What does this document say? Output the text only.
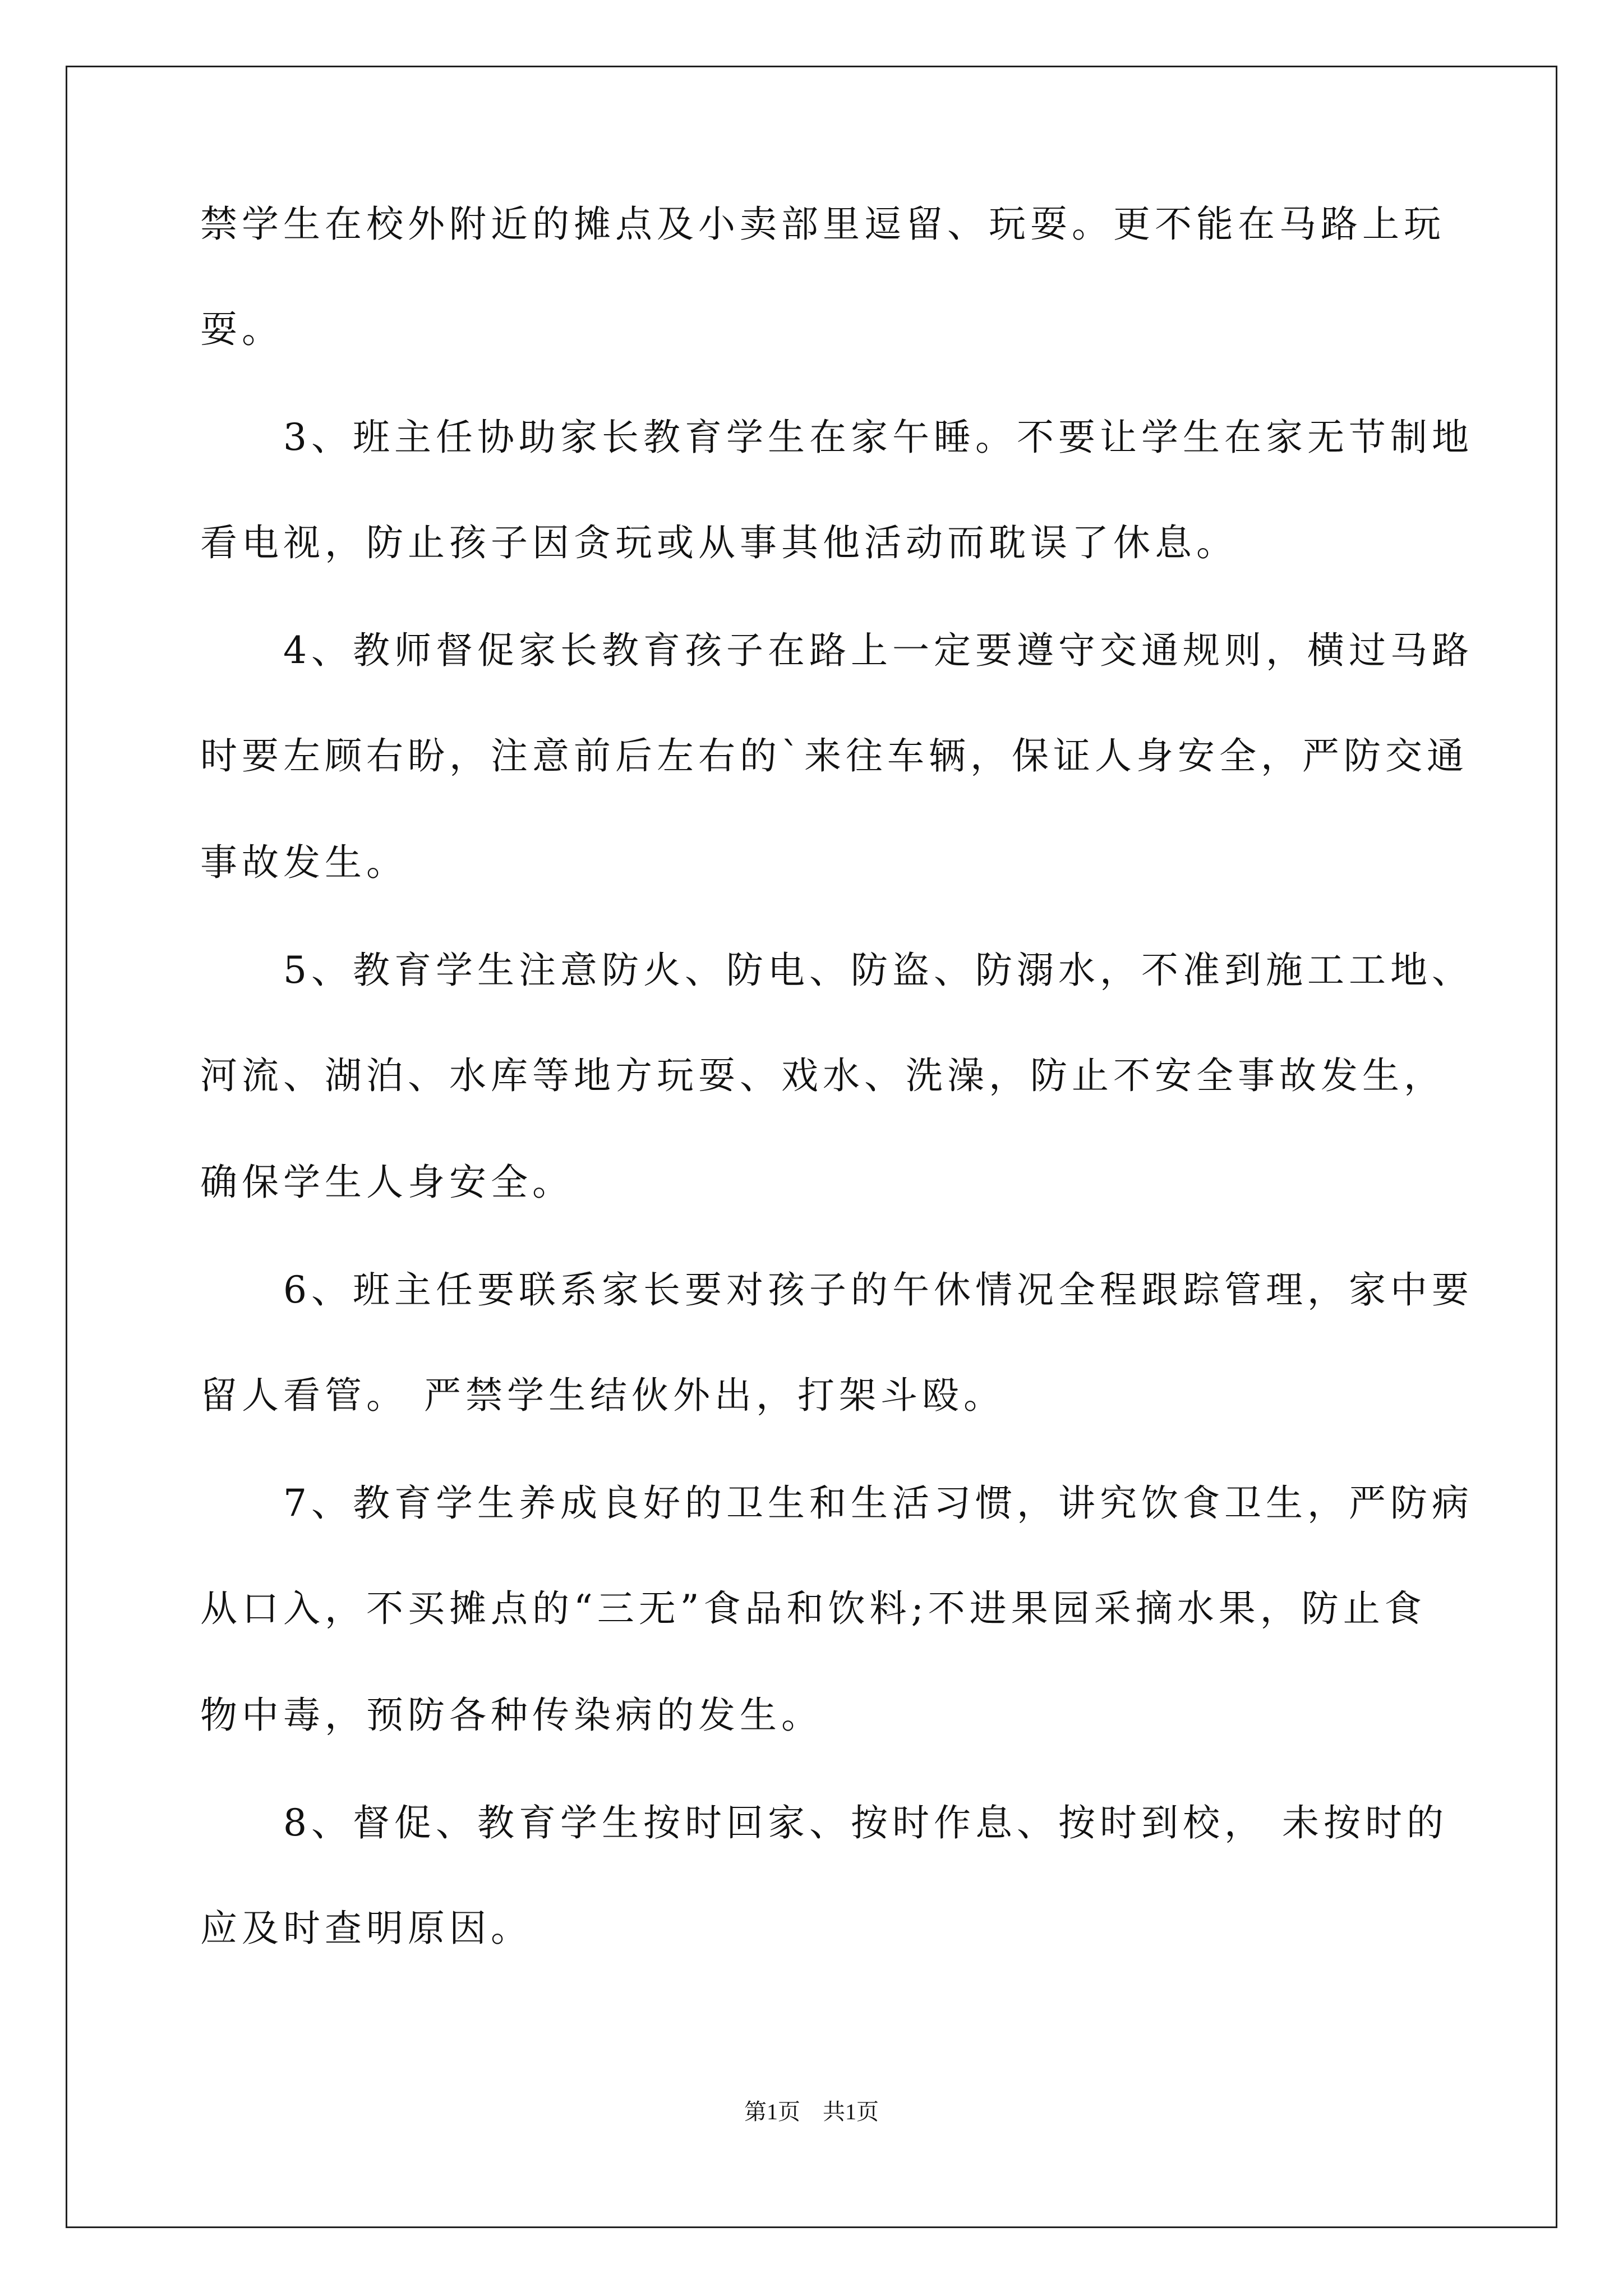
禁学生在校外附近的摊点及小卖部里逗留、玩耍。更不能在马路上玩
耍。
　　3、班主任协助家长教育学生在家午睡。不要让学生在家无节制地
看电视，防止孩子因贪玩或从事其他活动而耽误了休息。
　　4、教师督促家长教育孩子在路上一定要遵守交通规则，横过马路
时要左顾右盼，注意前后左右的`来往车辆，保证人身安全，严防交通
事故发生。
　　5、教育学生注意防火、防电、防盗、防溺水，不准到施工工地、
河流、湖泊、水库等地方玩耍、戏水、洗澡，防止不安全事故发生，
确保学生人身安全。
　　6、班主任要联系家长要对孩子的午休情况全程跟踪管理，家中要
留人看管。 严禁学生结伙外出，打架斗殴。
　　7、教育学生养成良好的卫生和生活习惯，讲究饮食卫生，严防病
从口入，不买摊点的“三无”食品和饮料;不进果园采摘水果，防止食
物中毒，预防各种传染病的发生。
　　8、督促、教育学生按时回家、按时作息、按时到校， 未按时的
应及时查明原因。
第1页　共1页
